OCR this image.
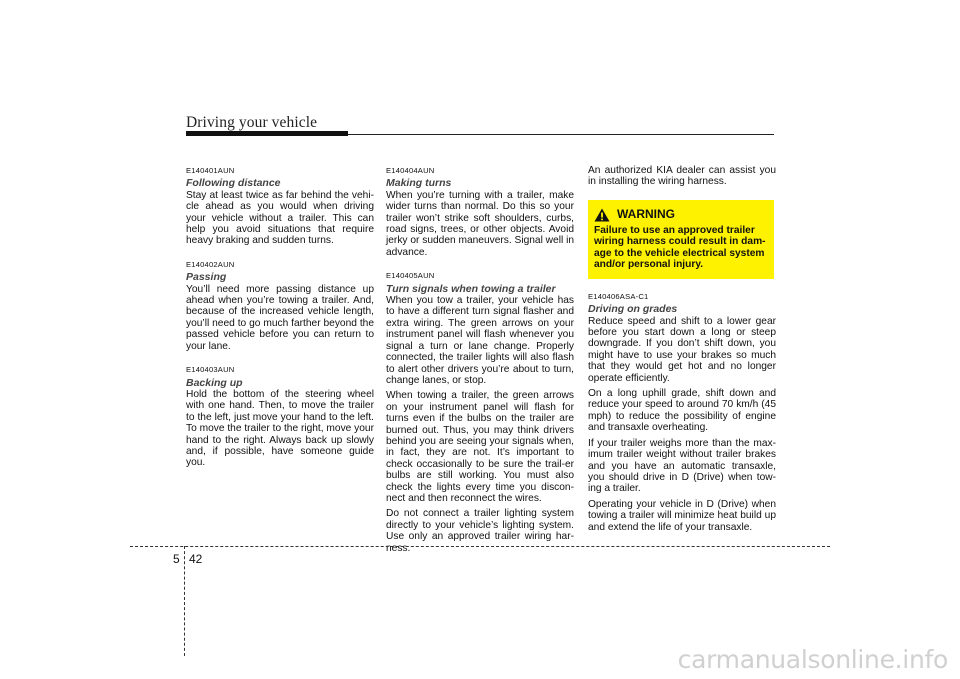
Driving your vehicle
E140401AUN
Following distance

Stay at least twice as far behind the vehi-cle ahead as you would when driving your vehicle without a trailer. This can help you avoid situations that require heavy braking and sudden turns.

E140402AUN
Passing

You’ll need more passing distance up ahead when you’re towing a trailer. And, because of the increased vehicle length, you’ll need to go much farther beyond the passed vehicle before you can return to your lane.

E140403AUN
Backing up

Hold the bottom of the steering wheel with one hand. Then, to move the trailer to the left, just move your hand to the left. To move the trailer to the right, move your hand to the right. Always back up slowly and, if possible, have someone guide you.

E140404AUN
Making turns

When you’re turning with a trailer, make wider turns than normal. Do this so your trailer won’t strike soft shoulders, curbs, road signs, trees, or other objects. Avoid jerky or sudden maneuvers. Signal well in advance.

E140405AUN
Turn signals when towing a trailer

When you tow a trailer, your vehicle has to have a different turn signal flasher and extra wiring. The green arrows on your instrument panel will flash whenever you signal a turn or lane change. Properly connected, the trailer lights will also flash to alert other drivers you’re about to turn, change lanes, or stop.

When towing a trailer, the green arrows on your instrument panel will flash for turns even if the bulbs on the trailer are burned out. Thus, you may think drivers behind you are seeing your signals when, in fact, they are not. It’s important to check occasionally to be sure the trail-er bulbs are still working. You must also check the lights every time you discon-nect and then reconnect the wires.

Do not connect a trailer lighting system directly to your vehicle’s lighting system. Use only an approved trailer wiring har-ness.

An authorized KIA dealer can assist you in installing the wiring harness.

WARNING
Failure to use an approved trailer wiring harness could result in dam-age to the vehicle electrical system and/or personal injury.
E140406ASA-C1
Driving on grades

Reduce speed and shift to a lower gear before you start down a long or steep downgrade. If you don’t shift down, you might have to use your brakes so much that they would get hot and no longer operate efficiently.

On a long uphill grade, shift down and reduce your speed to around 70 km/h (45 mph) to reduce the possibility of engine and transaxle overheating.

If your trailer weighs more than the max-imum trailer weight without trailer brakes and you have an automatic transaxle, you should drive in D (Drive) when tow-ing a trailer.

Operating your vehicle in D (Drive) when towing a trailer will minimize heat build up and extend the life of your transaxle.

5 42
carmanualsonline.info
